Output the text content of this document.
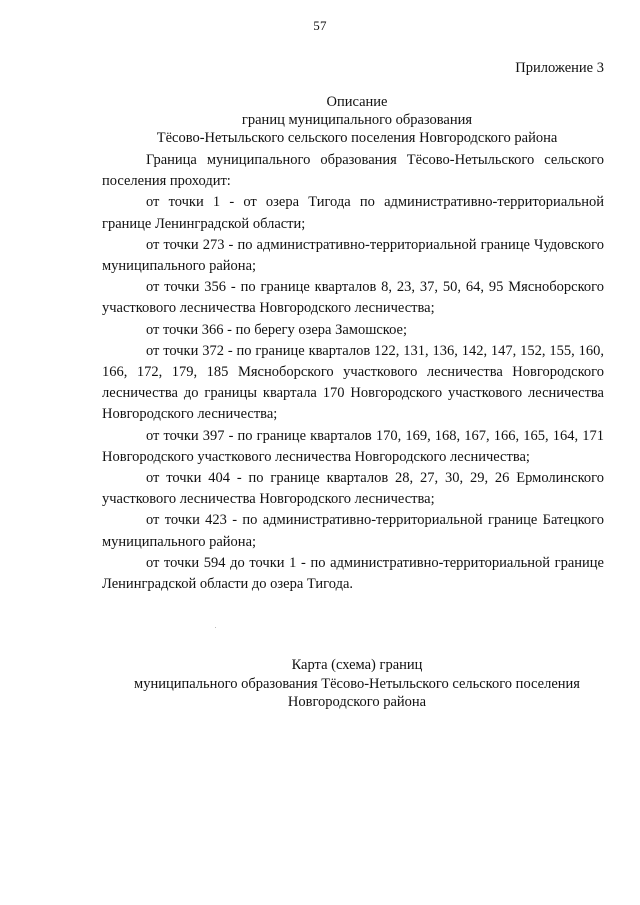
57
Приложение 3
Описание
границ муниципального образования
Тёсово-Нетыльского сельского поселения Новгородского района

Граница муниципального образования Тёсово-Нетыльского сельского поселения проходит:

от точки 1 - от озера Тигода по административно-территориальной границе Ленинградской области;

от точки 273 - по административно-территориальной границе Чудовского муниципального района;

от точки 356 - по границе кварталов 8, 23, 37, 50, 64, 95 Мясноборского участкового лесничества Новгородского лесничества;

от точки 366 - по берегу озера Замошское;

от точки 372 - по границе кварталов 122, 131, 136, 142, 147, 152, 155, 160, 166, 172, 179, 185 Мясноборского участкового лесничества Новгородского лесничества до границы квартала 170 Новгородского участкового лесничества Новгородского лесничества;

от точки 397 - по границе кварталов 170, 169, 168, 167, 166, 165, 164, 171 Новгородского участкового лесничества Новгородского лесничества;

от точки 404 - по границе кварталов 28, 27, 30, 29, 26 Ермолинского участкового лесничества Новгородского лесничества;

от точки 423 - по административно-территориальной границе Батецкого муниципального района;

от точки 594 до точки 1 - по административно-территориальной границе Ленинградской области до озера Тигода.

Карта (схема) границ
муниципального образования Тёсово-Нетыльского сельского поселения
Новгородского района
